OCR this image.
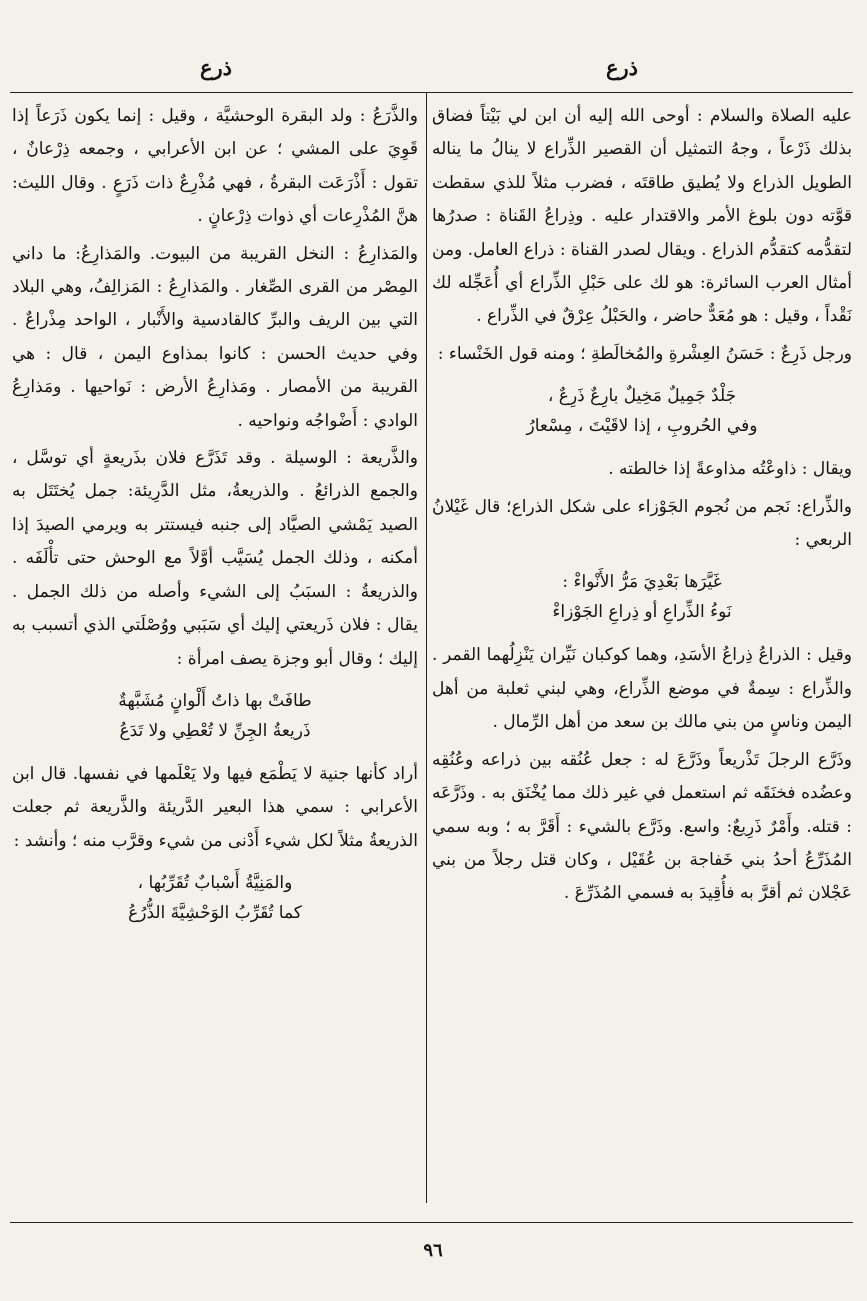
ذرع
ذرع

عليه الصلاة والسلام : أوحى الله إليه أن ابن لي بَيْتاً فضاق بذلك ذَرْعاً ، وجهُ التمثيل أن القصير الذِّراع لا ينالُ ما يناله الطويل الذراع ولا يُطيق طاقتَه ، فضرب مثلاً للذي سقطت قوَّته دون بلوغ الأمر والاقتدار عليه . وذِراعُ القَناة : صدرُها لتقدُّمه كتقدُّم الذراع . ويقال لصدر القناة : ذراع العامل. ومن أمثال العرب السائرة: هو لك على حَبْلِ الذِّراع أي أُعَجِّله لك نَقْداً ، وقيل : هو مُعَدٌّ حاضر ، والحَبْلُ عِرْقٌ في الذِّراع .

ورجل ذَرِعٌ : حَسَنُ العِشْرةِ والمُخالَطةِ ؛ ومنه قول الخَنْساء :

جَلْدٌ جَمِيلٌ مَخِيلٌ بارِعٌ ذَرِعٌ ،
وفي الحُروبِ ، إذا لاقَيْتَ ، مِسْعارُ

ويقال : ذاوعْتُه مذاوعةً إذا خالطته .

والذِّراع: نَجم من نُجوم الجَوْزاء على شكل الذراع؛ قال غَيْلانُ الربعي :

غَيَّرَها بَعْدِيَ مَرُّ الأَنْواءْ :
نَوءُ الذِّراعِ أو ذِراعِ الجَوْزاءْ

وقيل : الذراعُ ذِراعُ الأسَدِ، وهما كوكبان نَيِّران يَنْزِلُهما القمر . والذِّراع : سِمةٌ في موضع الذِّراع، وهي لبني ثعلبة من أهل اليمن وناسٍ من بني مالك بن سعد من أهل الرِّمال .

وذَرَّع الرجلَ تَذْريعاً وذَرَّعَ له : جعل عُنُقه بين ذراعه وعُنُقِه وعضُده فخنَقَه ثم استعمل في غير ذلك مما يُخْنَق به . وذَرَّعَه : قتله. وأَمْرٌ ذَرِيعٌ: واسع. وذَرَّع بالشيء : أَقَرَّ به ؛ وبه سمي المُذَرِّعُ أحدُ بني خَفاجة بن عُقَيْل ، وكان قتل رجلاً من بني عَجْلان ثم أقرَّ به فأُقِيدَ به فسمي المُذَرِّعَ .

والذَّرَعُ : ولد البقرة الوحشيَّة ، وقيل : إنما يكون ذَرَعاً إذا قَوِيَ على المشي ؛ عن ابن الأعرابي ، وجمعه ذِرْعانٌ ، تقول : أَذْرَعَت البقرةُ ، فهي مُذْرِعٌ ذات ذَرَعٍ . وقال الليث: هنَّ المُذْرِعات أي ذوات ذِرْعانٍ .

والمَذارِعُ : النخل القريبة من البيوت. والمَذارِعُ: ما داني المِصْر من القرى الصِّغار . والمَذارِعُ : المَزالِفُ، وهي البلاد التي بين الريف والبرِّ كالقادسية والأَنْبار ، الواحد مِذْراعٌ . وفي حديث الحسن : كانوا بمذاوع اليمن ، قال : هي القريبة من الأمصار . ومَذارِعُ الأرض : نَواحيها . ومَذارِعُ الوادي : أَضْواجُه ونواحيه .

والذَّريعة : الوسيلة . وقد تَذَرَّع فلان بذَريعةٍ أي توسَّل ، والجمع الذرائعُ . والذريعةُ، مثل الدَّرِيئة: جمل يُختَتَل به الصيد يَمْشي الصيَّاد إلى جنبه فيستتر به ويرمي الصيدَ إذا أمكنه ، وذلك الجمل يُسَيَّب أوَّلاً مع الوحش حتى تأْلَفَه . والذريعةُ : السبَبُ إلى الشيء وأصله من ذلك الجمل . يقال : فلان ذَريعتي إليك أي سَبَبي ووُصْلَتي الذي أتسبب به إليك ؛ وقال أبو وجزة يصف امرأة :

طافَتْ بها ذاتُ أَلْوانٍ مُشَبَّهةٌ
ذَريعةُ الجِنِّ لا تُعْطِي ولا تَدَعُ

أراد كأنها جنية لا يَطْمَع فيها ولا يَعْلَمها في نفسها. قال ابن الأعرابي : سمي هذا البعير الدَّريئة والذَّريعة ثم جعلت الذريعةُ مثلاً لكل شيء أَدْنى من شيء وقرَّب منه ؛ وأنشد :

والمَنِيَّةُ أَسْبابٌ تُقَرِّبُها ،
كما تُقَرِّبُ الوَحْشِيَّةَ الذُّرُعُ
٩٦
